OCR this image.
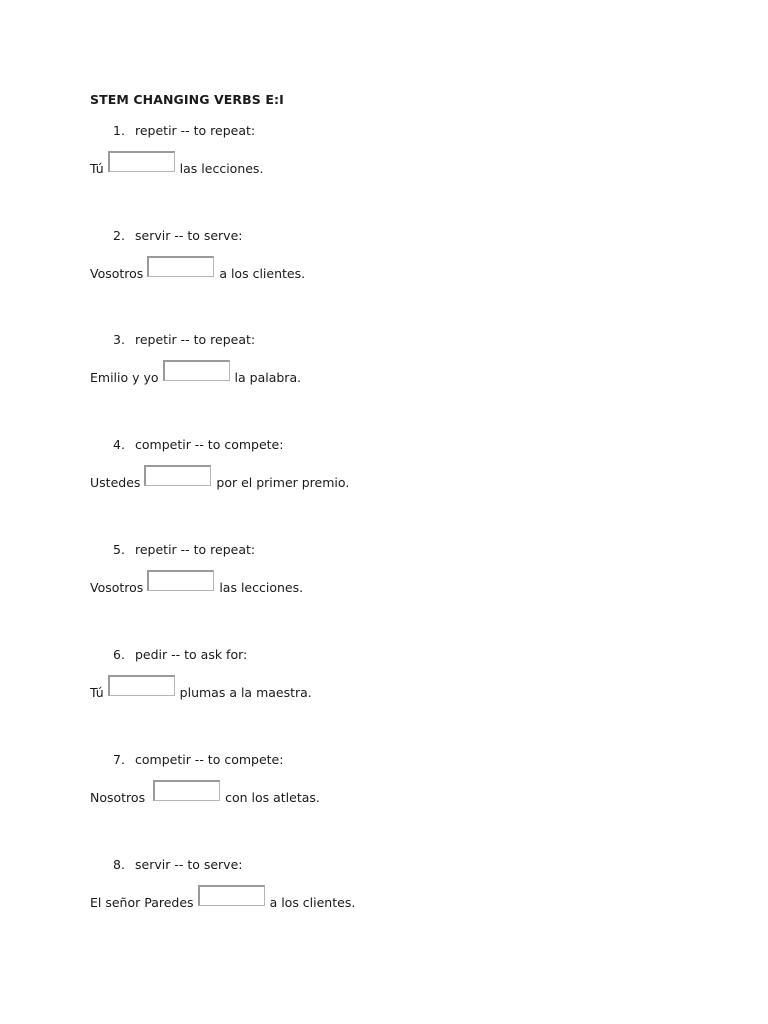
STEM CHANGING VERBS E:I
1. repetir -- to repeat:
Tú	las lecciones.
2. servir -- to serve:
Vosotros	a los clientes.
3. repetir -- to repeat:
Emilio y yo	la palabra.
4. competir -- to compete:
Ustedes	por el primer premio.
5. repetir -- to repeat:
Vosotros	las lecciones.
6. pedir -- to ask for:
Tú	plumas a la maestra.
7. competir -- to compete:
Nosotros	con los atletas.
8. servir -- to serve:
El señor Paredes	a los clientes.
